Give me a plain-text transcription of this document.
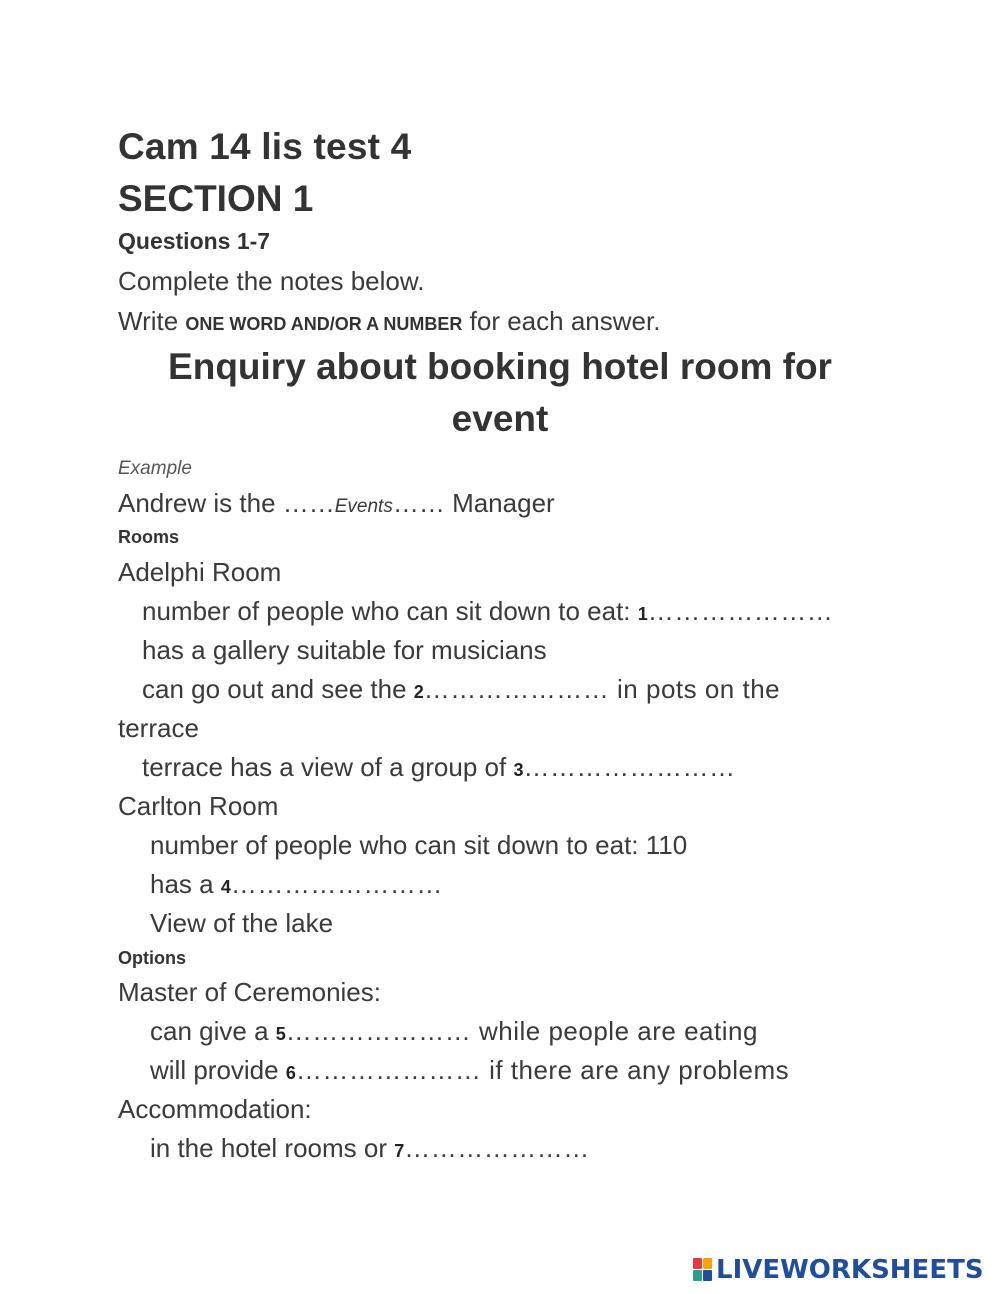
Cam 14 lis test 4
SECTION 1
Questions 1-7
Complete the notes below.
Write ONE WORD AND/OR A NUMBER for each answer.
Enquiry about booking hotel room for
event
Example
Andrew is the ……Events…… Manager
Rooms
Adelphi Room
number of people who can sit down to eat: 1…………………
has a gallery suitable for musicians
can go out and see the 2………………… in pots on the
terrace
terrace has a view of a group of 3……………………
Carlton Room
number of people who can sit down to eat: 110
has a 4……………………
View of the lake
Options
Master of Ceremonies:
can give a 5………………… while people are eating
will provide 6………………… if there are any problems
Accommodation:
in the hotel rooms or 7…………………
LIVEWORKSHEETS
